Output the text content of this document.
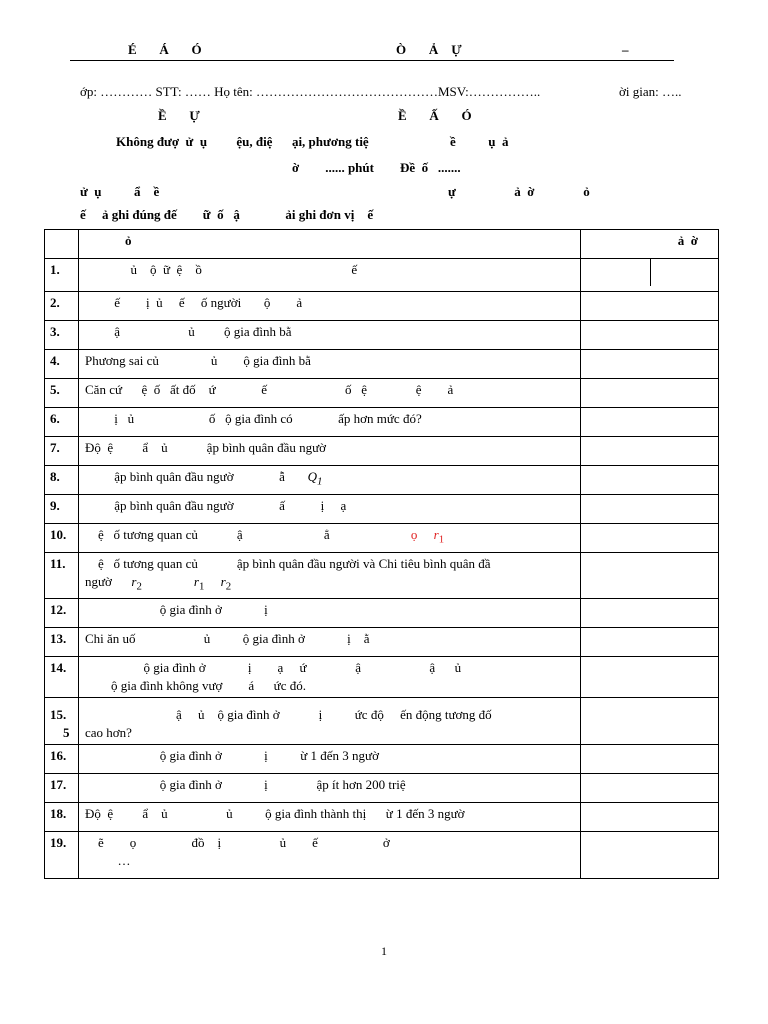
É       Á       Ó	Ò       Ả    Ự	–
ớp: ………… STT: …… Họ tên: ……………………………………MSV:……………..	ời gian: …..
Ề       Ự	Ề       Ấ       Ó
Không đượ  ử  ụ         ệu, điệ      ại, phương tiệ                         ề          ụ  ả
ờ        ...... phút        Đề  ố   .......
ử  ụ          ẩ    ề	ự                  ả  ờ               ỏ
ế     ả ghi đúng đế        ữ  ố   ậ              ải ghi đơn vị    ế
	ỏ	ả  ờ
1.	ủ    ộ  ữ  ệ    ồ                                              ế	
2.	ế        ị  ủ     ế     ố người       ộ        ả	
3.	ậ                     ủ         ộ gia đình bằ	
4.	Phương sai củ                ủ        ộ gia đình bằ	
5.	Căn cứ      ệ  ố   ất đố    ứ              ế                        ố   ệ               ệ        ả	
6.	ị   ủ                       ố   ộ gia đình có              ấp hơn mức đó?	
7.	Độ  ệ         ẩ    ủ            ập bình quân đầu ngườ	
8.	ập bình quân đầu ngườ              ẫ $Q_1$	
9.	ập bình quân đầu ngườ              ấ           ị     ạ	
10.	ệ   ố tương quan củ            ậ                         ẳ ọ $r_1$	
11.	ệ   ố tương quan củ            ập bình quân đầu người và Chi tiêu bình quân đầ
ngườ $r_2$ $r_1$ $r_2$	
12.	ộ gia đình ở             ị	
13.	Chi ăn uố                     ủ          ộ gia đình ở             ị    ằ	
14.	ộ gia đình ở             ị        ạ     ứ               ậ                     ậ      ủ
ộ gia đình không vượ        á      ức đó.	
15.
5	ậ     ủ    ộ gia đình ở            ị          ức độ     ến động tương đố
cao hơn?	
16.	ộ gia đình ở             ị          ừ 1 đến 3 ngườ	
17.	ộ gia đình ở             ị               ập ít hơn 200 triệ	
18.	Độ  ệ         ẩ    ủ                  ủ          ộ gia đình thành thị      ừ 1 đến 3 ngườ	
19.	ẽ        ọ                 đồ    ị                  ủ        ế                    ở
…	
1
